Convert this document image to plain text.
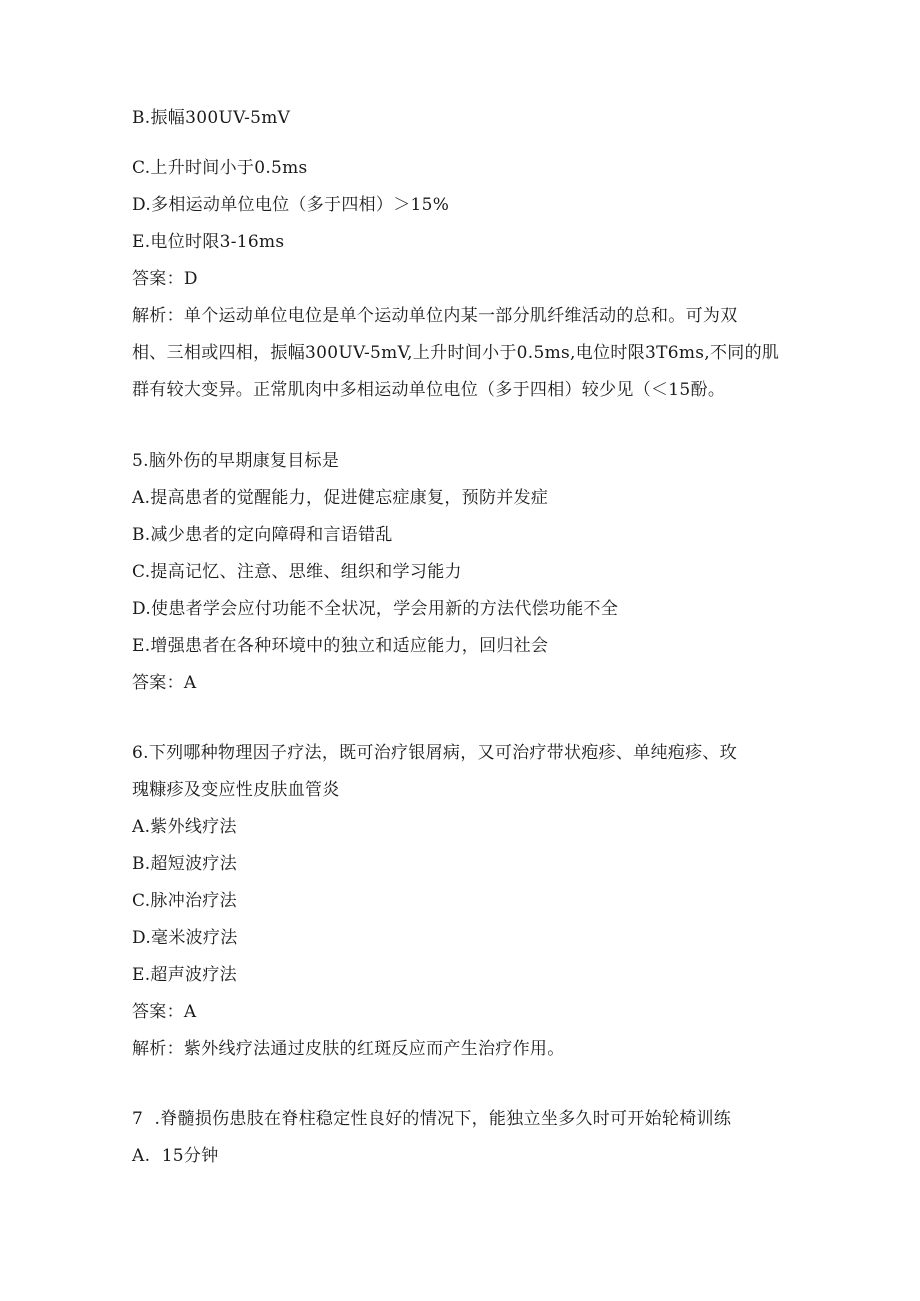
B.振幅300UV-5mV
C.上升时间小于0.5ms
D.多相运动单位电位（多于四相）＞15%
E.电位时限3-16ms
答案：D
解析：单个运动单位电位是单个运动单位内某一部分肌纤维活动的总和。可为双
相、三相或四相，振幅300UV-5mV,上升时间小于0.5ms,电位时限3T6ms,不同的肌
群有较大变异。正常肌肉中多相运动单位电位（多于四相）较少见（＜15酚。
5.脑外伤的早期康复目标是
A.提高患者的觉醒能力，促进健忘症康复，预防并发症
B.减少患者的定向障碍和言语错乱
C.提高记忆、注意、思维、组织和学习能力
D.使患者学会应付功能不全状况，学会用新的方法代偿功能不全
E.增强患者在各种环境中的独立和适应能力，回归社会
答案：A
6.下列哪种物理因子疗法，既可治疗银屑病，又可治疗带状疱疹、单纯疱疹、玫
瑰糠疹及变应性皮肤血管炎
A.紫外线疗法
B.超短波疗法
C.脉冲治疗法
D.毫米波疗法
E.超声波疗法
答案：A
解析：紫外线疗法通过皮肤的红斑反应而产生治疗作用。
7  .脊髓损伤患肢在脊柱稳定性良好的情况下，能独立坐多久时可开始轮椅训练
A.  15分钟
